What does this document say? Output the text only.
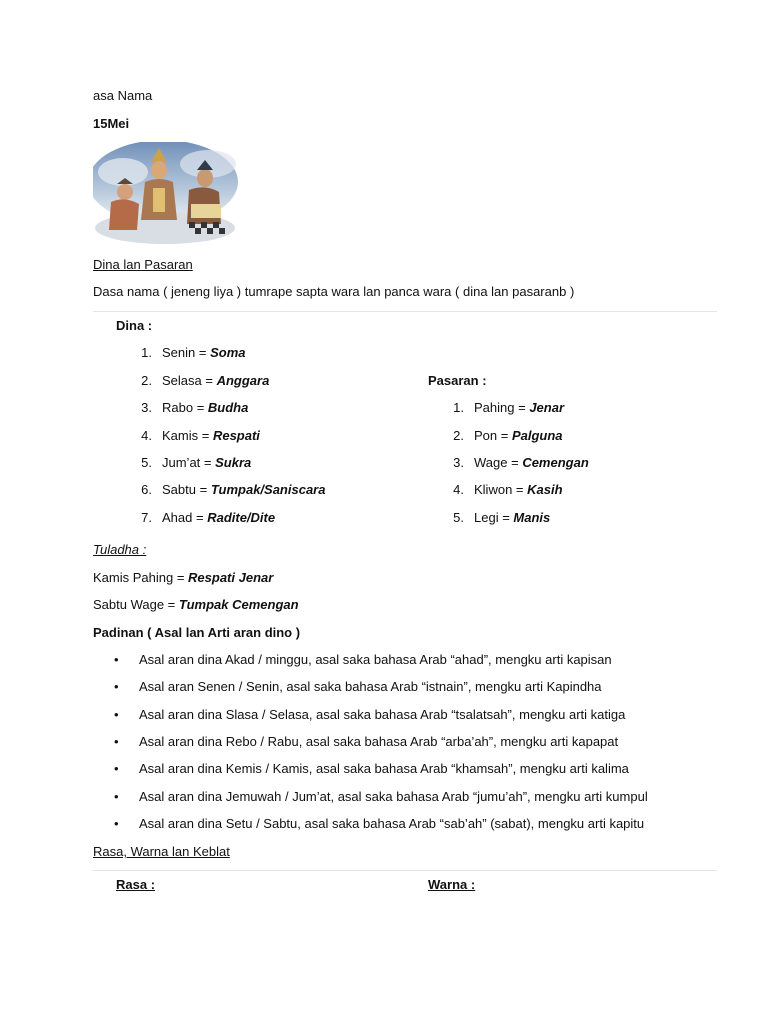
asa Nama
15Mei
Dina lan Pasaran
Dasa nama ( jeneng liya ) tumrape sapta wara lan panca wara ( dina lan pasaranb )
Dina :
1. Senin = Soma
2. Selasa = Anggara
3. Rabo = Budha
4. Kamis = Respati
5. Jum’at = Sukra
6. Sabtu = Tumpak/Saniscara
7. Ahad = Radite/Dite
Pasaran :
1. Pahing = Jenar
2. Pon = Palguna
3. Wage = Cemengan
4. Kliwon = Kasih
5. Legi = Manis
Tuladha :
Kamis Pahing = Respati Jenar
Sabtu Wage = Tumpak Cemengan
Padinan ( Asal lan Arti aran dino )
• Asal aran dina Akad / minggu, asal saka bahasa Arab “ahad”, mengku arti kapisan
• Asal aran Senen / Senin, asal saka bahasa Arab “istnain”, mengku arti Kapindha
• Asal aran dina Slasa / Selasa, asal saka bahasa Arab “tsalatsah”, mengku arti katiga
• Asal aran dina Rebo / Rabu, asal saka bahasa Arab “arba’ah”, mengku arti kapapat
• Asal aran dina Kemis / Kamis, asal saka bahasa Arab “khamsah”, mengku arti kalima
• Asal aran dina Jemuwah / Jum’at, asal saka bahasa Arab “jumu’ah”, mengku arti kumpul
• Asal aran dina Setu / Sabtu, asal saka bahasa Arab “sab’ah” (sabat), mengku arti kapitu
Rasa, Warna lan Keblat
Rasa :	Warna :
